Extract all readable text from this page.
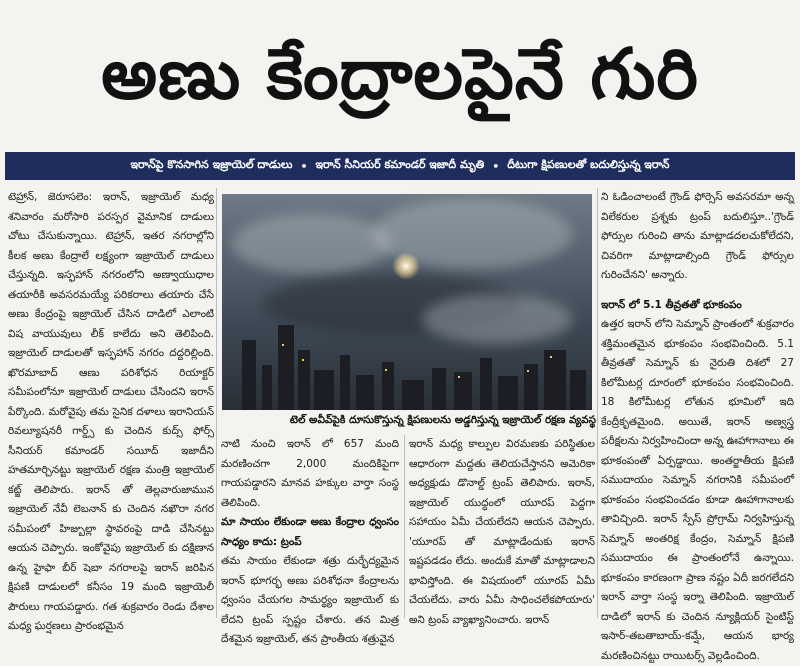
అణు కేంద్రాలపైనే గురి
ఇరాన్‌పై కొనసాగిన ఇజ్రాయెల్ దాడులు • ఇరాన్ సీనియర్ కమాండర్ ఇజాదీ మృతి • దీటుగా క్షిపణులతో బదులిస్తున్న ఇరాన్

టెహ్రాన్, జెరూసలెం: ఇరాన్, ఇజ్రాయెల్ మధ్య శనివారం మరోసారి పరస్పర వైమానిక దాడులు చోటు చేసుకున్నాయి. టెహ్రాన్, ఇతర నగరాల్లోని కీలక అణు కేంద్రాలే లక్ష్యంగా ఇజ్రాయెల్ దాడులు చేస్తున్నది. ఇస్ఫహాన్ నగరంలోని అణ్వాయుధాల తయారీకి అవసరమయ్యే పరికరాలు తయారు చేసే అణు కేంద్రంపై ఇజ్రాయెల్ చేసిన దాడిలో ఎలాంటి విష వాయువులు లీక్ కాలేదు అని తెలిపింది. ఇజ్రాయెల్ దాడులతో ఇస్ఫహాన్ నగరం దద్దరిల్లింది. ఖొరమాబాద్ ఆణు పరిశోధన రియాక్టర్ సమీపంలోనూ ఇజ్రాయెల్ దాడులు చేసిందని ఇరాన్ పేర్కొంది. మరోవైపు తమ సైనిక దళాలు ఇరానియన్ రివల్యూషనరీ గార్డ్స్ కు చెందిన కుద్స్ ఫోర్స్ సీనియర్ కమాండర్ సయీద్ ఇజాదీని హతమార్చినట్టు ఇజ్రాయెల్ రక్షణ మంత్రి ఇజ్రాయెల్ కట్జ్ తెలిపారు. ఇరాన్ తో తెల్లవారుజామున ఇజ్రాయెల్ నేవీ లెబనాన్ కు చెందిన నఖౌరా నగర సమీపంలో హిజ్బుల్లా స్థావరంపై దాడి చేసినట్టు ఆయన చెప్పారు. ఇంకోవైపు ఇజ్రాయెల్ కు దక్షిణాన ఉన్న హైఫా బీర్ షెబా నగరాలపై ఇరాన్ జరిపిన క్షిపణి దాడులలో కనీసం 19 మంది ఇజ్రాయెలీ పౌరులు గాయపడ్డారు. గత శుక్రవారం రెండు దేశాల మధ్య ఘర్షణలు ప్రారంభమైన

టెల్ అవీవ్‌పైకి దూసుకొస్తున్న క్షిపణులను అడ్డగిస్తున్న ఇజ్రాయెల్ రక్షణ వ్యవస్థ

నాటి నుంచి ఇరాన్ లో 657 మంది మరణించగా 2,000 మందికిపైగా గాయపడ్డారని మానవ హక్కుల వార్తా సంస్థ తెలిపింది.

మా సాయం లేకుండా అణు కేంద్రాల ధ్వంసం సాధ్యం కాదు: ట్రంప్

తమ సాయం లేకుండా శత్రు దుర్భేద్యమైన ఇరాన్ భూగర్భ అణు పరిశోధనా కేంద్రాలను ధ్వంసం చేయగల సామర్థ్యం ఇజ్రాయెల్ కు లేదని ట్రంప్ స్పష్టం చేశారు. తన మిత్ర దేశమైన ఇజ్రాయెల్, తన ప్రాంతీయ శత్రువైన

ఇరాన్ మధ్య కాల్పుల విరమణకు పరిస్థితుల ఆధారంగా మద్దతు తెలియచేస్తానని అమెరికా అధ్యక్షుడు డొనాల్డ్ ట్రంప్ తెలిపారు. ఇరాన్, ఇజ్రాయెల్ యుద్ధంలో యూరప్ పెద్దగా సహాయం ఏమీ చేయలేదని ఆయన చెప్పారు. 'యూరప్ తో మాట్లాడేందుకు ఇరాన్ ఇష్టపడడం లేదు. అందుకే మాతో మాట్లాడాలని భావిస్తోంది. ఈ విషయంలో యూరప్ ఏమీ చేయలేదు. వారు ఏమీ సాధించలేకపోయారు' అని ట్రంప్ వ్యాఖ్యానించారు. ఇరాన్

ని ఓడించాలంటే గ్రౌండ్ ఫోర్సెస్ అవసరమా అన్న విలేకరుల ప్రశ్నకు ట్రంప్ బదులిస్తూ..'గ్రౌండ్ ఫోర్సుల గురించి తాను మాట్లాడదలచుకోలేదని, చివరిగా మాట్లాడాల్సింది గ్రౌండ్ ఫోర్సుల గురించేనని' అన్నారు.

ఇరాన్ లో 5.1 తీవ్రతతో భూకంపం

ఉత్తర ఇరాన్ లోని సెమ్నాన్ ప్రాంతంలో శుక్రవారం శక్తిమంతమైన భూకంపం సంభవించింది. 5.1 తీవ్రతతో సెమ్నాన్ కు నైరుతి దిశలో 27 కిలోమీటర్ల దూరంలో భూకంపం సంభవించింది. 18 కిలోమీటర్ల లోతున భూమిలో ఇది కేంద్రీకృతమైంది. అయితే, ఇరాన్ అణ్వస్త్ర పరీక్షలను నిర్వహించిందా అన్న ఊహాగానాలు ఈ భూకంపంతో ఏర్పడ్డాయి. అంతర్జాతీయ క్షిపణి సముదాయం సెమ్నాన్ నగరానికి సమీపంలో భూకంపం సంభవించడం కూడా ఊహాగానాలకు తావిచ్చింది. ఇరాన్ స్పేస్ ప్రోగ్రామ్ నిర్వహిస్తున్న సెమ్నాన్ అంతరిక్ష కేంద్రం, సెమ్నాన్ క్షిపణి సముదాయం ఈ ప్రాంతంలోనే ఉన్నాయి. భూకంపం కారణంగా ప్రాణ నష్టం ఏదీ జరగలేదని ఇరాన్ వార్తా సంస్థ ఇర్నా తెలిపింది. ఇజ్రాయెల్ దాడిలో ఇరాన్ కు చెందిన న్యూక్లియర్ సైంటిస్ట్ ఇసార్-తబతాబాయ్-కమ్షే, ఆయన భార్య మరణించినట్టు రాయిటర్స్ వెల్లడించింది.
